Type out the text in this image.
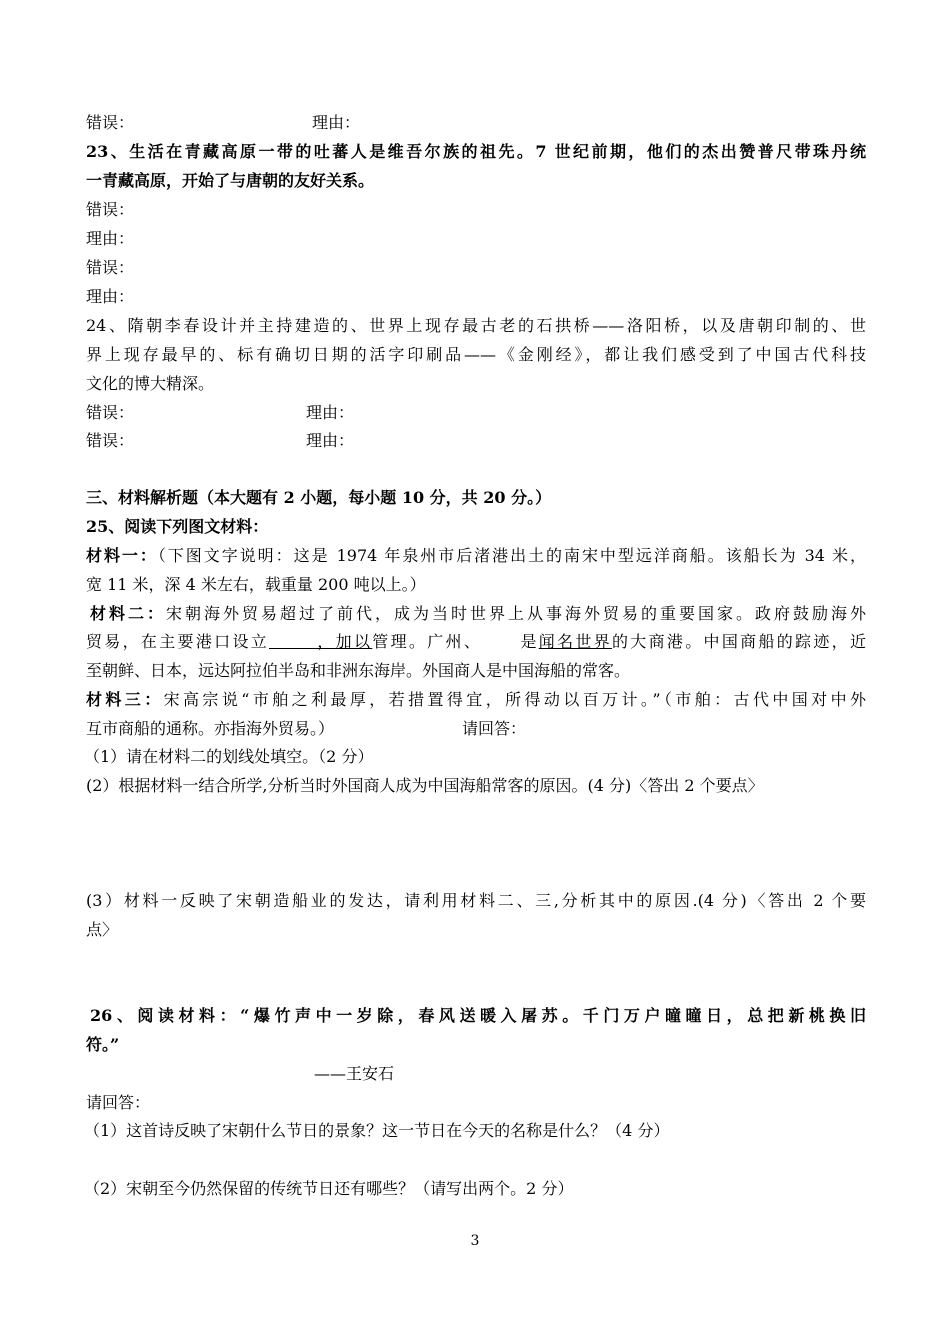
错误：	理由：
23、生活在青藏高原一带的吐蕃人是维吾尔族的祖先。7 世纪前期，他们的杰出赞普尺带珠丹统
一青藏高原，开始了与唐朝的友好关系。
错误：
理由：
错误：
理由：
24、隋朝李春设计并主持建造的、世界上现存最古老的石拱桥——洛阳桥，以及唐朝印制的、世
界上现存最早的、标有确切日期的活字印刷品——《金刚经》，都让我们感受到了中国古代科技
文化的博大精深。
错误：	理由：
错误：	理由：
三、材料解析题（本大题有 2 小题，每小题 10 分，共 20 分。）
25、阅读下列图文材料：
材料一：（下图文字说明：这是 1974 年泉州市后渚港出土的南宋中型远洋商船。该船长为 34 米，
宽 11 米，深 4 米左右，载重量 200 吨以上。）
材料二：宋朝海外贸易超过了前代，成为当时世界上从事海外贸易的重要国家。政府鼓励海外
贸易，在主要港口设立	，加以管理。广州、 是闻名世界的大商港。中国商船的踪迹，近
至朝鲜、日本，远达阿拉伯半岛和非洲东海岸。外国商人是中国海船的常客。
材料三：宋高宗说“市舶之利最厚，若措置得宜，所得动以百万计。”（市舶：古代中国对中外
互市商船的通称。亦指海外贸易。）	请回答：
（1）请在材料二的划线处填空。（2 分）
(2）根据材料一结合所学,分析当时外国商人成为中国海船常客的原因。(4 分)〈答出 2 个要点〉
(3）材料一反映了宋朝造船业的发达，请利用材料二、三,分析其中的原因.(4 分)〈答出 2 个要
点〉
26、阅读材料：“爆竹声中一岁除，春风送暖入屠苏。千门万户曈曈日，总把新桃换旧
符。”
——王安石
请回答：
（1）这首诗反映了宋朝什么节日的景象？这一节日在今天的名称是什么？（4 分）
（2）宋朝至今仍然保留的传统节日还有哪些？（请写出两个。2 分）
3
